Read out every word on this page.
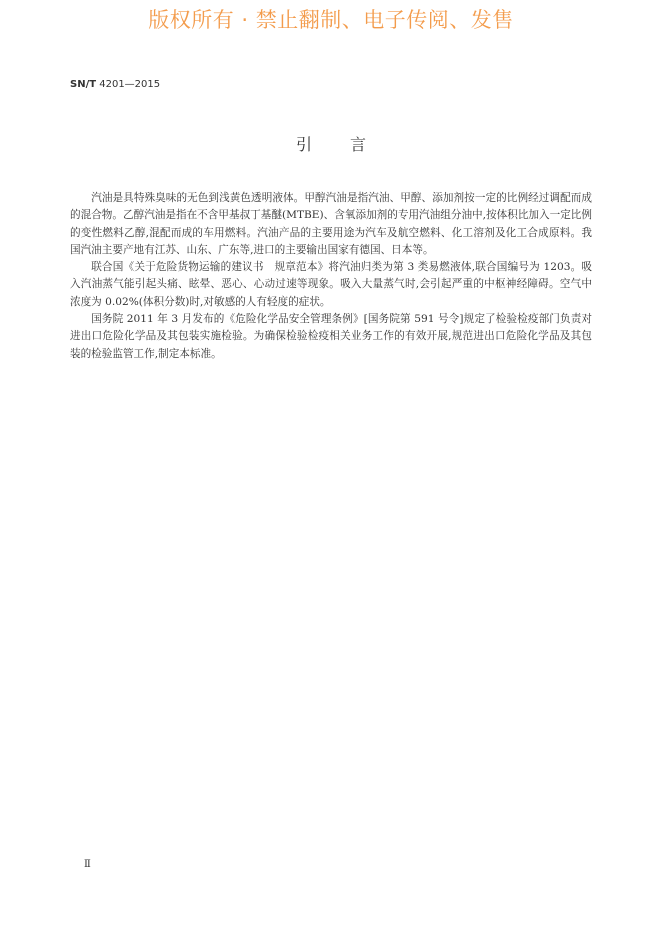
版权所有 · 禁止翻制、电子传阅、发售
SN/T 4201—2015
引言

汽油是具特殊臭味的无色到浅黄色透明液体。甲醇汽油是指汽油、甲醇、添加剂按一定的比例经过调配而成的混合物。乙醇汽油是指在不含甲基叔丁基醚(MTBE)、含氧添加剂的专用汽油组分油中,按体积比加入一定比例的变性燃料乙醇,混配而成的车用燃料。汽油产品的主要用途为汽车及航空燃料、化工溶剂及化工合成原料。我国汽油主要产地有江苏、山东、广东等,进口的主要输出国家有德国、日本等。

联合国《关于危险货物运输的建议书　规章范本》将汽油归类为第 3 类易燃液体,联合国编号为 1203。吸入汽油蒸气能引起头痛、眩晕、恶心、心动过速等现象。吸入大量蒸气时,会引起严重的中枢神经障碍。空气中浓度为 0.02%(体积分数)时,对敏感的人有轻度的症状。

国务院 2011 年 3 月发布的《危险化学品安全管理条例》[国务院第 591 号令]规定了检验检疫部门负责对进出口危险化学品及其包装实施检验。为确保检验检疫相关业务工作的有效开展,规范进出口危险化学品及其包装的检验监管工作,制定本标准。

Ⅱ
